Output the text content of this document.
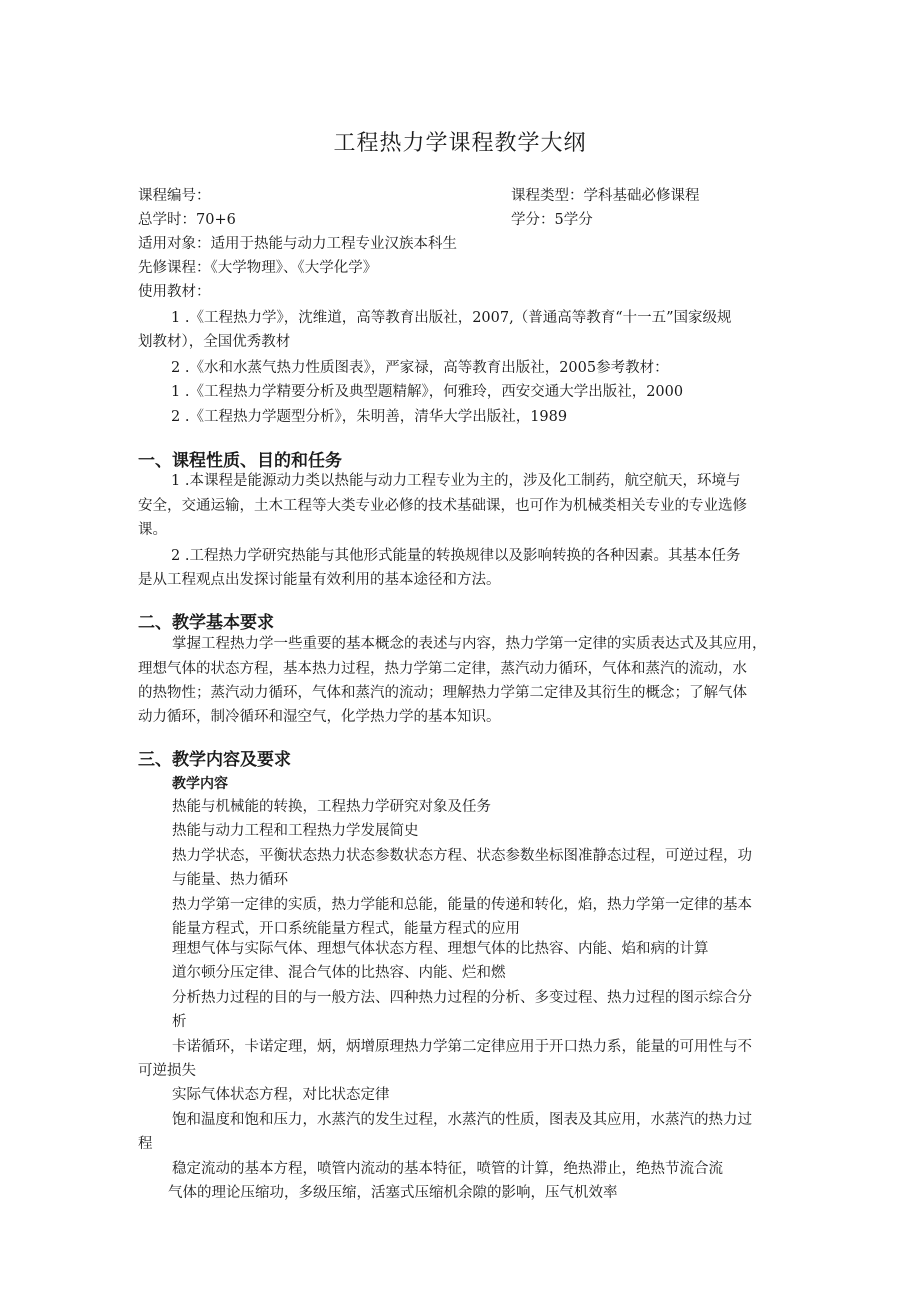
工程热力学课程教学大纲

课程编号：	课程类型：学科基础必修课程

总学时：70+6	学分：5学分

适用对象：适用于热能与动力工程专业汉族本科生

先修课程：《大学物理》、《大学化学》

使用教材：

1 .《工程热力学》，沈维道，高等教育出版社，2007,（普通高等教育“十一五”国家级规

划教材），全国优秀教材

2 .《水和水蒸气热力性质图表》，严家禄，高等教育出版社，2005参考教材：

1 .《工程热力学精要分析及典型题精解》，何雅玲，西安交通大学出版社，2000

2 .《工程热力学题型分析》，朱明善，清华大学出版社，1989

一、课程性质、目的和任务

1 .本课程是能源动力类以热能与动力工程专业为主的，涉及化工制药，航空航天，环境与

安全，交通运输，土木工程等大类专业必修的技术基础课，也可作为机械类相关专业的专业选修

课。

2 .工程热力学研究热能与其他形式能量的转换规律以及影响转换的各种因素。其基本任务

是从工程观点出发探讨能量有效利用的基本途径和方法。

二、教学基本要求

掌握工程热力学一些重要的基本概念的表述与内容，热力学第一定律的实质表达式及其应用，

理想气体的状态方程，基本热力过程，热力学第二定律，蒸汽动力循环，气体和蒸汽的流动，水

的热物性；蒸汽动力循环，气体和蒸汽的流动；理解热力学第二定律及其衍生的概念；了解气体

动力循环，制冷循环和湿空气，化学热力学的基本知识。

三、教学内容及要求
教学内容

热能与机械能的转换，工程热力学研究对象及任务

热能与动力工程和工程热力学发展简史

热力学状态，平衡状态热力状态参数状态方程、状态参数坐标图准静态过程，可逆过程，功

与能量、热力循环

热力学第一定律的实质，热力学能和总能，能量的传递和转化，焰，热力学第一定律的基本

能量方程式，开口系统能量方程式，能量方程式的应用

理想气体与实际气体、理想气体状态方程、理想气体的比热容、内能、焰和病的计算

道尔顿分压定律、混合气体的比热容、内能、烂和燃

分析热力过程的目的与一般方法、四种热力过程的分析、多变过程、热力过程的图示综合分

析

卡诺循环，卡诺定理，炳，炳增原理热力学第二定律应用于开口热力系，能量的可用性与不

可逆损失

实际气体状态方程，对比状态定律

饱和温度和饱和压力，水蒸汽的发生过程，水蒸汽的性质，图表及其应用，水蒸汽的热力过

程

稳定流动的基本方程，喷管内流动的基本特征，喷管的计算，绝热滞止，绝热节流合流

气体的理论压缩功，多级压缩，活塞式压缩机余隙的影响，压气机效率
